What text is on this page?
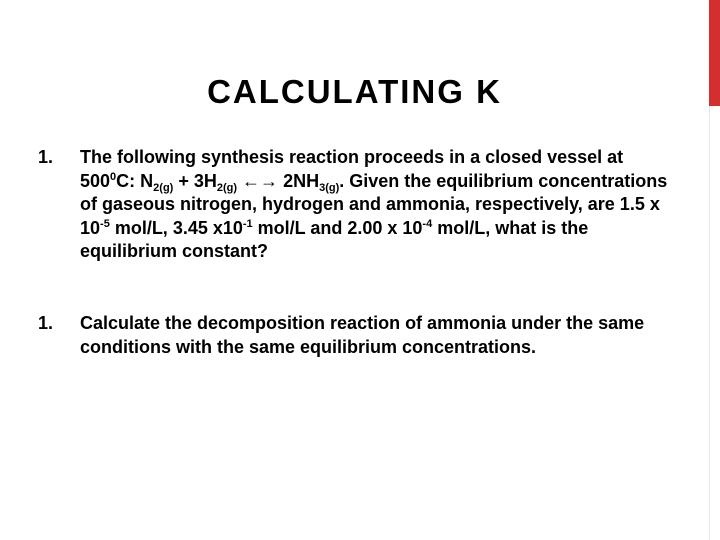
CALCULATING K
1.	The following synthesis reaction proceeds in a closed vessel at $500^0C$: $N_{2(g)} + 3H_{2(g)}$ ←→ $2NH_{3(g)}$. Given the equilibrium concentrations of gaseous nitrogen, hydrogen and ammonia, respectively, are 1.5 x $10^{-5}$ mol/L, 3.45 $x10^{-1}$ mol/L and 2.00 x $10^{-4}$ mol/L, what is the equilibrium constant?
1.	Calculate the decomposition reaction of ammonia under the same conditions with the same equilibrium concentrations.
